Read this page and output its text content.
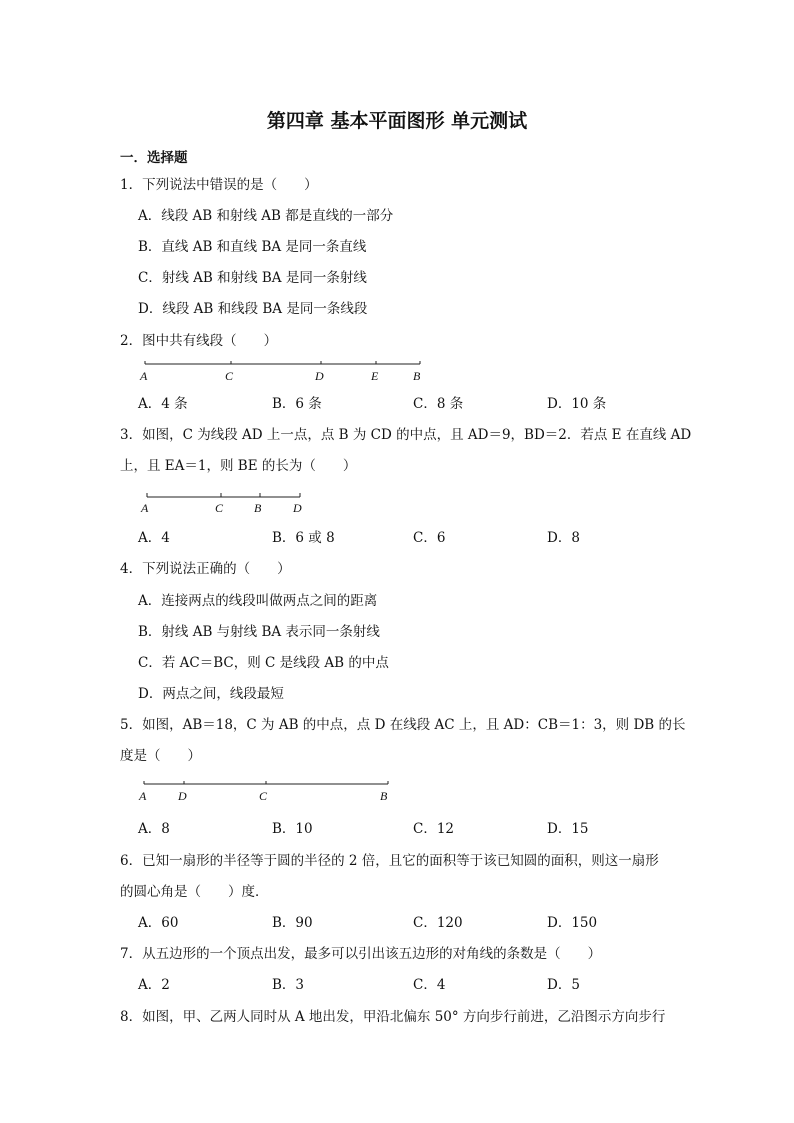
第四章 基本平面图形 单元测试
一．选择题
1．下列说法中错误的是（　　）
A．线段 AB 和射线 AB 都是直线的一部分
B．直线 AB 和直线 BA 是同一条直线
C．射线 AB 和射线 BA 是同一条射线
D．线段 AB 和线段 BA 是同一条线段
2．图中共有线段（　　）
A	C	D	E	B
A．4 条	B．6 条	C．8 条	D．10 条
3．如图，C 为线段 AD 上一点，点 B 为 CD 的中点，且 AD＝9，BD＝2．若点 E 在直线 AD
上，且 EA＝1，则 BE 的长为（　　）
A	C	B	D
A．4	B．6 或 8	C．6	D．8
4．下列说法正确的（　　）
A．连接两点的线段叫做两点之间的距离
B．射线 AB 与射线 BA 表示同一条射线
C．若 AC＝BC，则 C 是线段 AB 的中点
D．两点之间，线段最短
5．如图，AB＝18，C 为 AB 的中点，点 D 在线段 AC 上，且 AD：CB＝1：3，则 DB 的长
度是（　　）
A	D	C	B
A．8	B．10	C．12	D．15
6．已知一扇形的半径等于圆的半径的 2 倍，且它的面积等于该已知圆的面积，则这一扇形
的圆心角是（　　）度．
A．60	B．90	C．120	D．150
7．从五边形的一个顶点出发，最多可以引出该五边形的对角线的条数是（　　）
A．2	B．3	C．4	D．5
8．如图，甲、乙两人同时从 A 地出发，甲沿北偏东 50° 方向步行前进，乙沿图示方向步行
